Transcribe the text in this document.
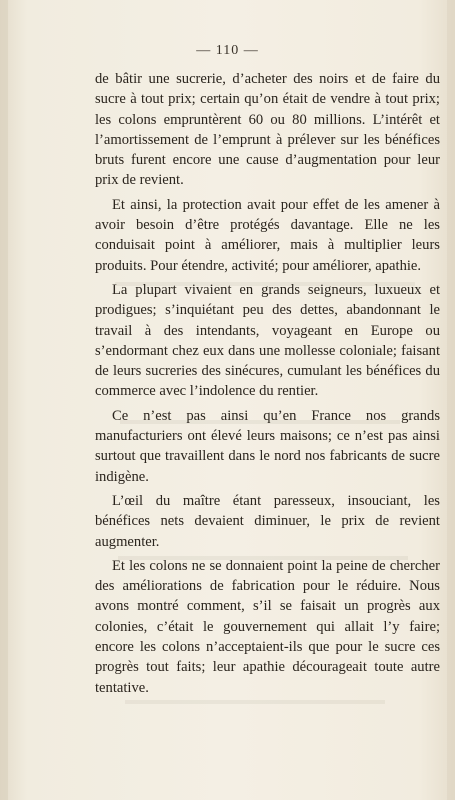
— 110 —

de bâtir une sucrerie, d’acheter des noirs et de faire du sucre à tout prix; certain qu’on était de vendre à tout prix; les colons empruntèrent 60 ou 80 millions. L’intérêt et l’amortissement de l’emprunt à prélever sur les bénéfices bruts furent encore une cause d’augmentation pour leur prix de revient.

Et ainsi, la protection avait pour effet de les amener à avoir besoin d’être protégés davantage. Elle ne les conduisait point à améliorer, mais à multiplier leurs produits. Pour étendre, activité; pour améliorer, apathie.

La plupart vivaient en grands seigneurs, luxueux et prodigues; s’inquiétant peu des dettes, abandonnant le travail à des intendants, voyageant en Europe ou s’endormant chez eux dans une mollesse coloniale; faisant de leurs sucreries des sinécures, cumulant les bénéfices du commerce avec l’indolence du rentier.

Ce n’est pas ainsi qu’en France nos grands manufacturiers ont élevé leurs maisons; ce n’est pas ainsi surtout que travaillent dans le nord nos fabricants de sucre indigène.

L’œil du maître étant paresseux, insouciant, les bénéfices nets devaient diminuer, le prix de revient augmenter.

Et les colons ne se donnaient point la peine de chercher des améliorations de fabrication pour le réduire. Nous avons montré comment, s’il se faisait un progrès aux colonies, c’était le gouvernement qui allait l’y faire; encore les colons n’acceptaient-ils que pour le sucre ces progrès tout faits; leur apathie décourageait toute autre tentative.
